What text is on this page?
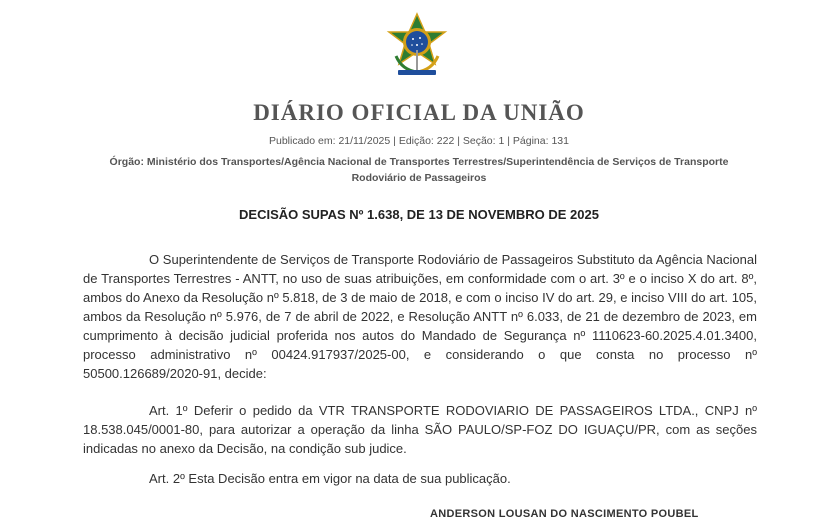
DIÁRIO OFICIAL DA UNIÃO
Publicado em: 21/11/2025 | Edição: 222 | Seção: 1 | Página: 131
Órgão: Ministério dos Transportes/Agência Nacional de Transportes Terrestres/Superintendência de Serviços de Transporte Rodoviário de Passageiros
DECISÃO SUPAS Nº 1.638, DE 13 DE NOVEMBRO DE 2025
O Superintendente de Serviços de Transporte Rodoviário de Passageiros Substituto da Agência Nacional de Transportes Terrestres - ANTT, no uso de suas atribuições, em conformidade com o art. 3º e o inciso X do art. 8º, ambos do Anexo da Resolução nº 5.818, de 3 de maio de 2018, e com o inciso IV do art. 29, e inciso VIII do art. 105, ambos da Resolução nº 5.976, de 7 de abril de 2022, e Resolução ANTT nº 6.033, de 21 de dezembro de 2023, em cumprimento à decisão judicial proferida nos autos do Mandado de Segurança nº 1110623-60.2025.4.01.3400, processo administrativo nº 00424.917937/2025-00, e considerando o que consta no processo nº 50500.126689/2020-91, decide:
Art. 1º Deferir o pedido da VTR TRANSPORTE RODOVIARIO DE PASSAGEIROS LTDA., CNPJ nº 18.538.045/0001-80, para autorizar a operação da linha SÃO PAULO/SP-FOZ DO IGUAÇU/PR, com as seções indicadas no anexo da Decisão, na condição sub judice.
Art. 2º Esta Decisão entra em vigor na data de sua publicação.
ANDERSON LOUSAN DO NASCIMENTO POUBEL
